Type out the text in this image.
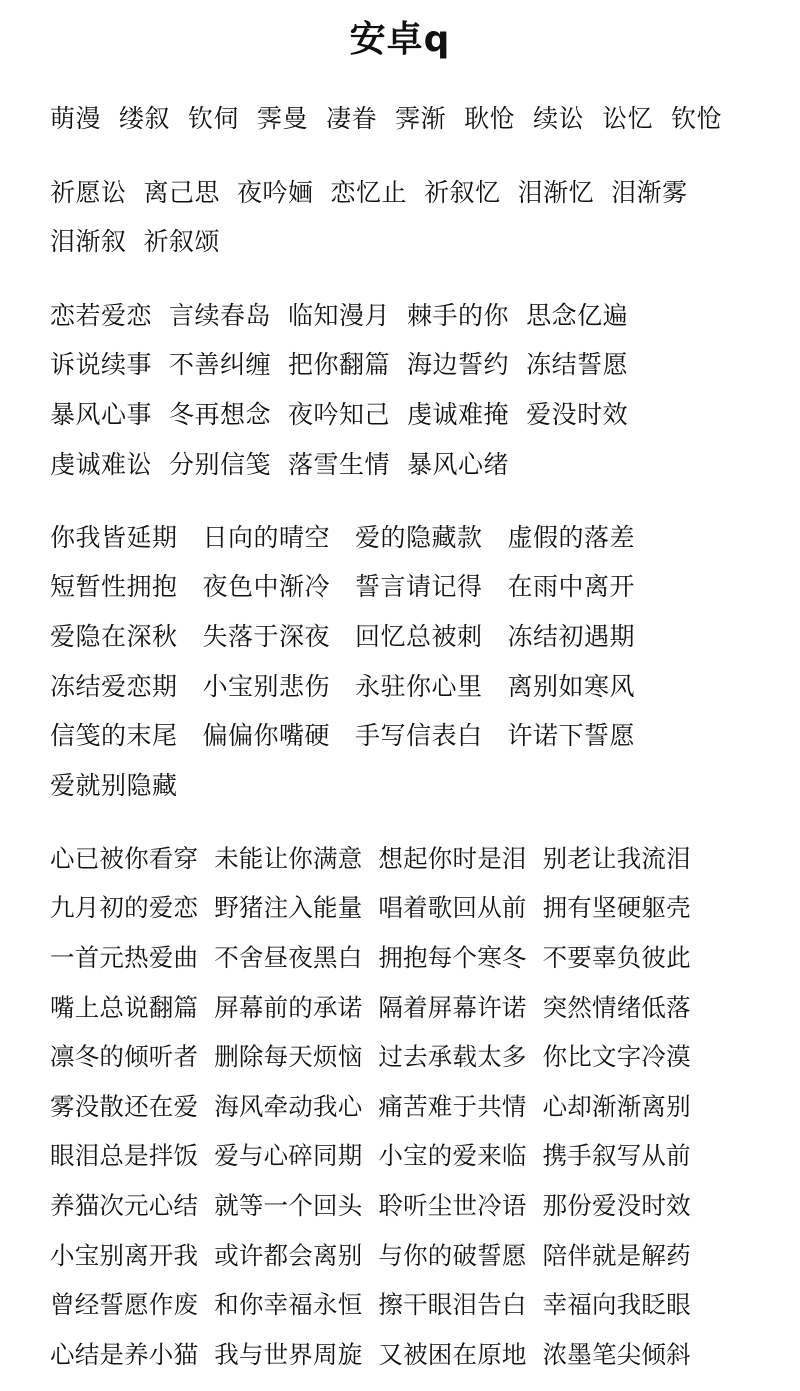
安卓q
萌漫 缕叙 钦伺 霁曼 凄眷 霁渐 耿怆 续讼 讼忆 钦怆
祈愿讼 离己思 夜吟婳 恋忆止 祈叙忆 泪渐忆 泪渐雾
泪渐叙 祈叙颂
恋若爱恋 言续春岛 临知漫月 棘手的你 思念亿遍
诉说续事 不善纠缠 把你翻篇 海边誓约 冻结誓愿
暴风心事 冬再想念 夜吟知己 虔诚难掩 爱没时效
虔诚难讼 分别信笺 落雪生情 暴风心绪
你我皆延期 日向的晴空 爱的隐藏款 虚假的落差
短暂性拥抱 夜色中渐冷 誓言请记得 在雨中离开
爱隐在深秋 失落于深夜 回忆总被刺 冻结初遇期
冻结爱恋期 小宝别悲伤 永驻你心里 离别如寒风
信笺的末尾 偏偏你嘴硬 手写信表白 许诺下誓愿
爱就别隐藏
心已被你看穿 未能让你满意 想起你时是泪 别老让我流泪
九月初的爱恋 野猪注入能量 唱着歌回从前 拥有坚硬躯壳
一首元热爱曲 不舍昼夜黑白 拥抱每个寒冬 不要辜负彼此
嘴上总说翻篇 屏幕前的承诺 隔着屏幕许诺 突然情绪低落
凛冬的倾听者 删除每天烦恼 过去承载太多 你比文字冷漠
雾没散还在爱 海风牵动我心 痛苦难于共情 心却渐渐离别
眼泪总是拌饭 爱与心碎同期 小宝的爱来临 携手叙写从前
养猫次元心结 就等一个回头 聆听尘世冷语 那份爱没时效
小宝别离开我 或许都会离别 与你的破誓愿 陪伴就是解药
曾经誓愿作废 和你幸福永恒 擦干眼泪告白 幸福向我眨眼
心结是养小猫 我与世界周旋 又被困在原地 浓墨笔尖倾斜
